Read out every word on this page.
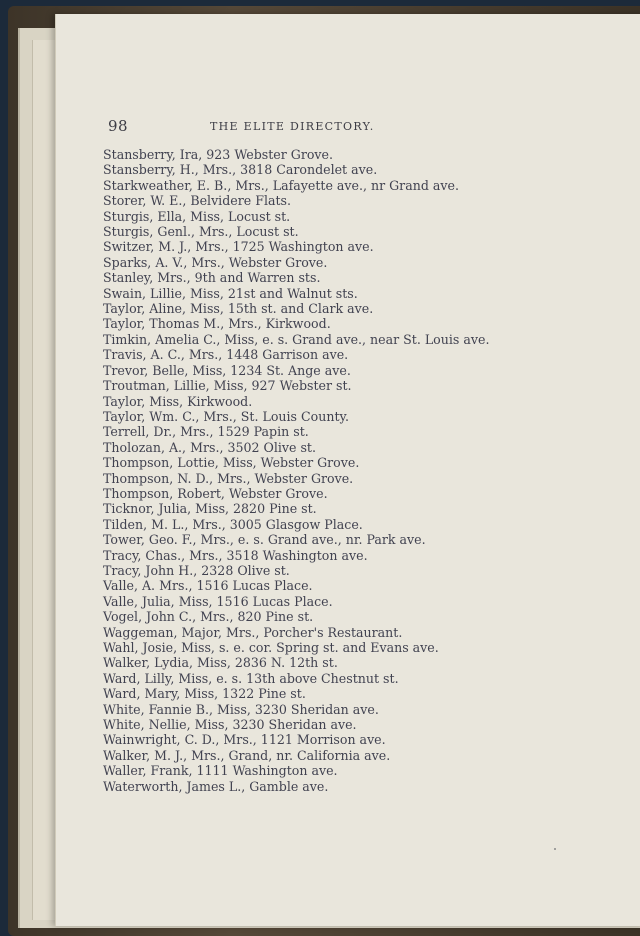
98	THE ELITE DIRECTORY.
Stansberry, Ira, 923 Webster Grove.
Stansberry, H., Mrs., 3818 Carondelet ave.
Starkweather, E. B., Mrs., Lafayette ave., nr Grand ave.
Storer, W. E., Belvidere Flats.
Sturgis, Ella, Miss, Locust st.
Sturgis, Genl., Mrs., Locust st.
Switzer, M. J., Mrs., 1725 Washington ave.
Sparks, A. V., Mrs., Webster Grove.
Stanley, Mrs., 9th and Warren sts.
Swain, Lillie, Miss, 21st and Walnut sts.
Taylor, Aline, Miss, 15th st. and Clark ave.
Taylor, Thomas M., Mrs., Kirkwood.
Timkin, Amelia C., Miss, e. s. Grand ave., near St. Louis ave.
Travis, A. C., Mrs., 1448 Garrison ave.
Trevor, Belle, Miss, 1234 St. Ange ave.
Troutman, Lillie, Miss, 927 Webster st.
Taylor, Miss, Kirkwood.
Taylor, Wm. C., Mrs., St. Louis County.
Terrell, Dr., Mrs., 1529 Papin st.
Tholozan, A., Mrs., 3502 Olive st.
Thompson, Lottie, Miss, Webster Grove.
Thompson, N. D., Mrs., Webster Grove.
Thompson, Robert, Webster Grove.
Ticknor, Julia, Miss, 2820 Pine st.
Tilden, M. L., Mrs., 3005 Glasgow Place.
Tower, Geo. F., Mrs., e. s. Grand ave., nr. Park ave.
Tracy, Chas., Mrs., 3518 Washington ave.
Tracy, John H., 2328 Olive st.
Valle, A. Mrs., 1516 Lucas Place.
Valle, Julia, Miss, 1516 Lucas Place.
Vogel, John C., Mrs., 820 Pine st.
Waggeman, Major, Mrs., Porcher's Restaurant.
Wahl, Josie, Miss, s. e. cor. Spring st. and Evans ave.
Walker, Lydia, Miss, 2836 N. 12th st.
Ward, Lilly, Miss, e. s. 13th above Chestnut st.
Ward, Mary, Miss, 1322 Pine st.
White, Fannie B., Miss, 3230 Sheridan ave.
White, Nellie, Miss, 3230 Sheridan ave.
Wainwright, C. D., Mrs., 1121 Morrison ave.
Walker, M. J., Mrs., Grand, nr. California ave.
Waller, Frank, 1111 Washington ave.
Waterworth, James L., Gamble ave.
